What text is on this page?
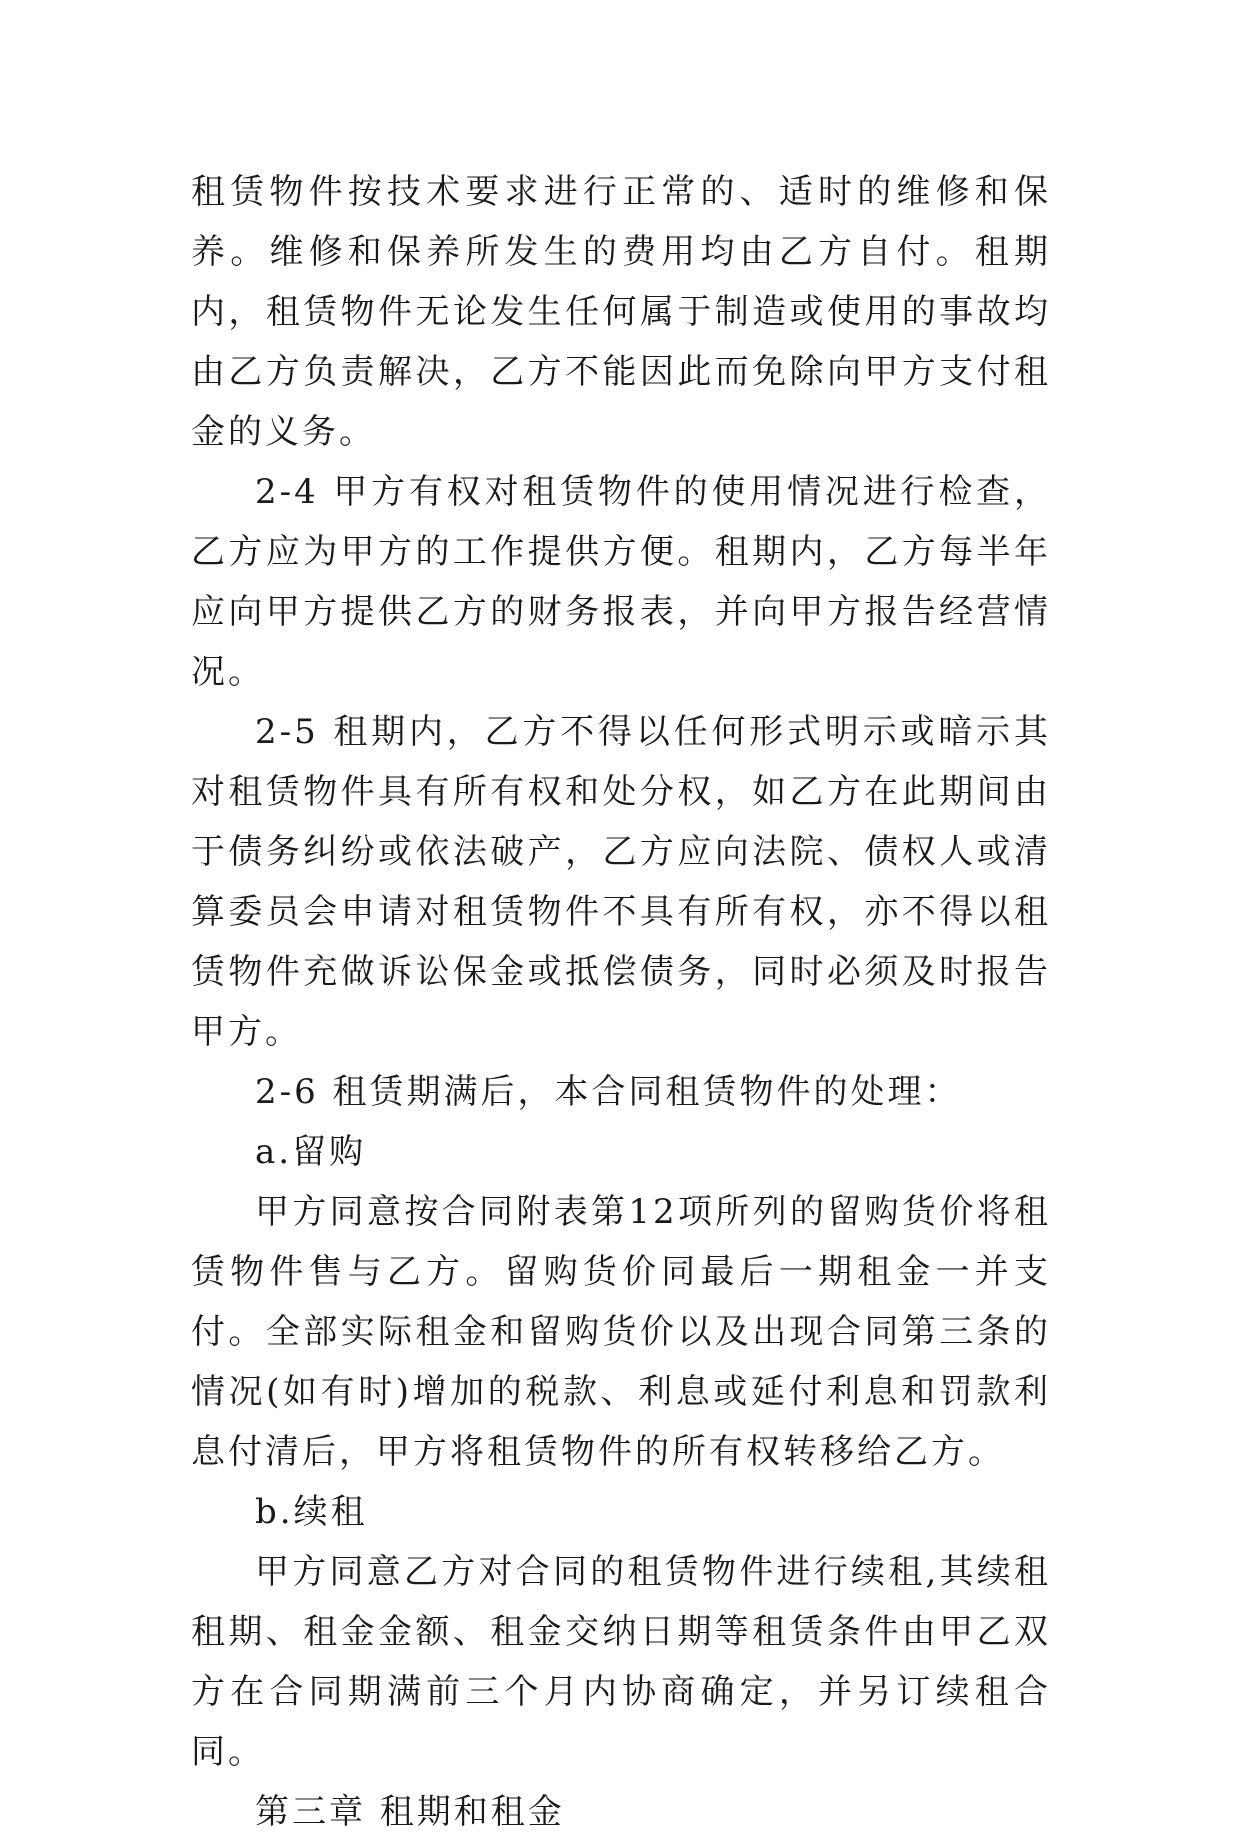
租赁物件按技术要求进行正常的、适时的维修和保养。维修和保养所发生的费用均由乙方自付。租期内，租赁物件无论发生任何属于制造或使用的事故均由乙方负责解决，乙方不能因此而免除向甲方支付租金的义务。

2-4 甲方有权对租赁物件的使用情况进行检查，乙方应为甲方的工作提供方便。租期内，乙方每半年应向甲方提供乙方的财务报表，并向甲方报告经营情况。

2-5 租期内，乙方不得以任何形式明示或暗示其对租赁物件具有所有权和处分权，如乙方在此期间由于债务纠纷或依法破产，乙方应向法院、债权人或清算委员会申请对租赁物件不具有所有权，亦不得以租赁物件充做诉讼保金或抵偿债务，同时必须及时报告甲方。

2-6 租赁期满后，本合同租赁物件的处理：

a.留购

甲方同意按合同附表第12项所列的留购货价将租赁物件售与乙方。留购货价同最后一期租金一并支付。全部实际租金和留购货价以及出现合同第三条的情况(如有时)增加的税款、利息或延付利息和罚款利息付清后，甲方将租赁物件的所有权转移给乙方。

b.续租

甲方同意乙方对合同的租赁物件进行续租,其续租租期、租金金额、租金交纳日期等租赁条件由甲乙双方在合同期满前三个月内协商确定，并另订续租合同。

第三章 租期和租金
